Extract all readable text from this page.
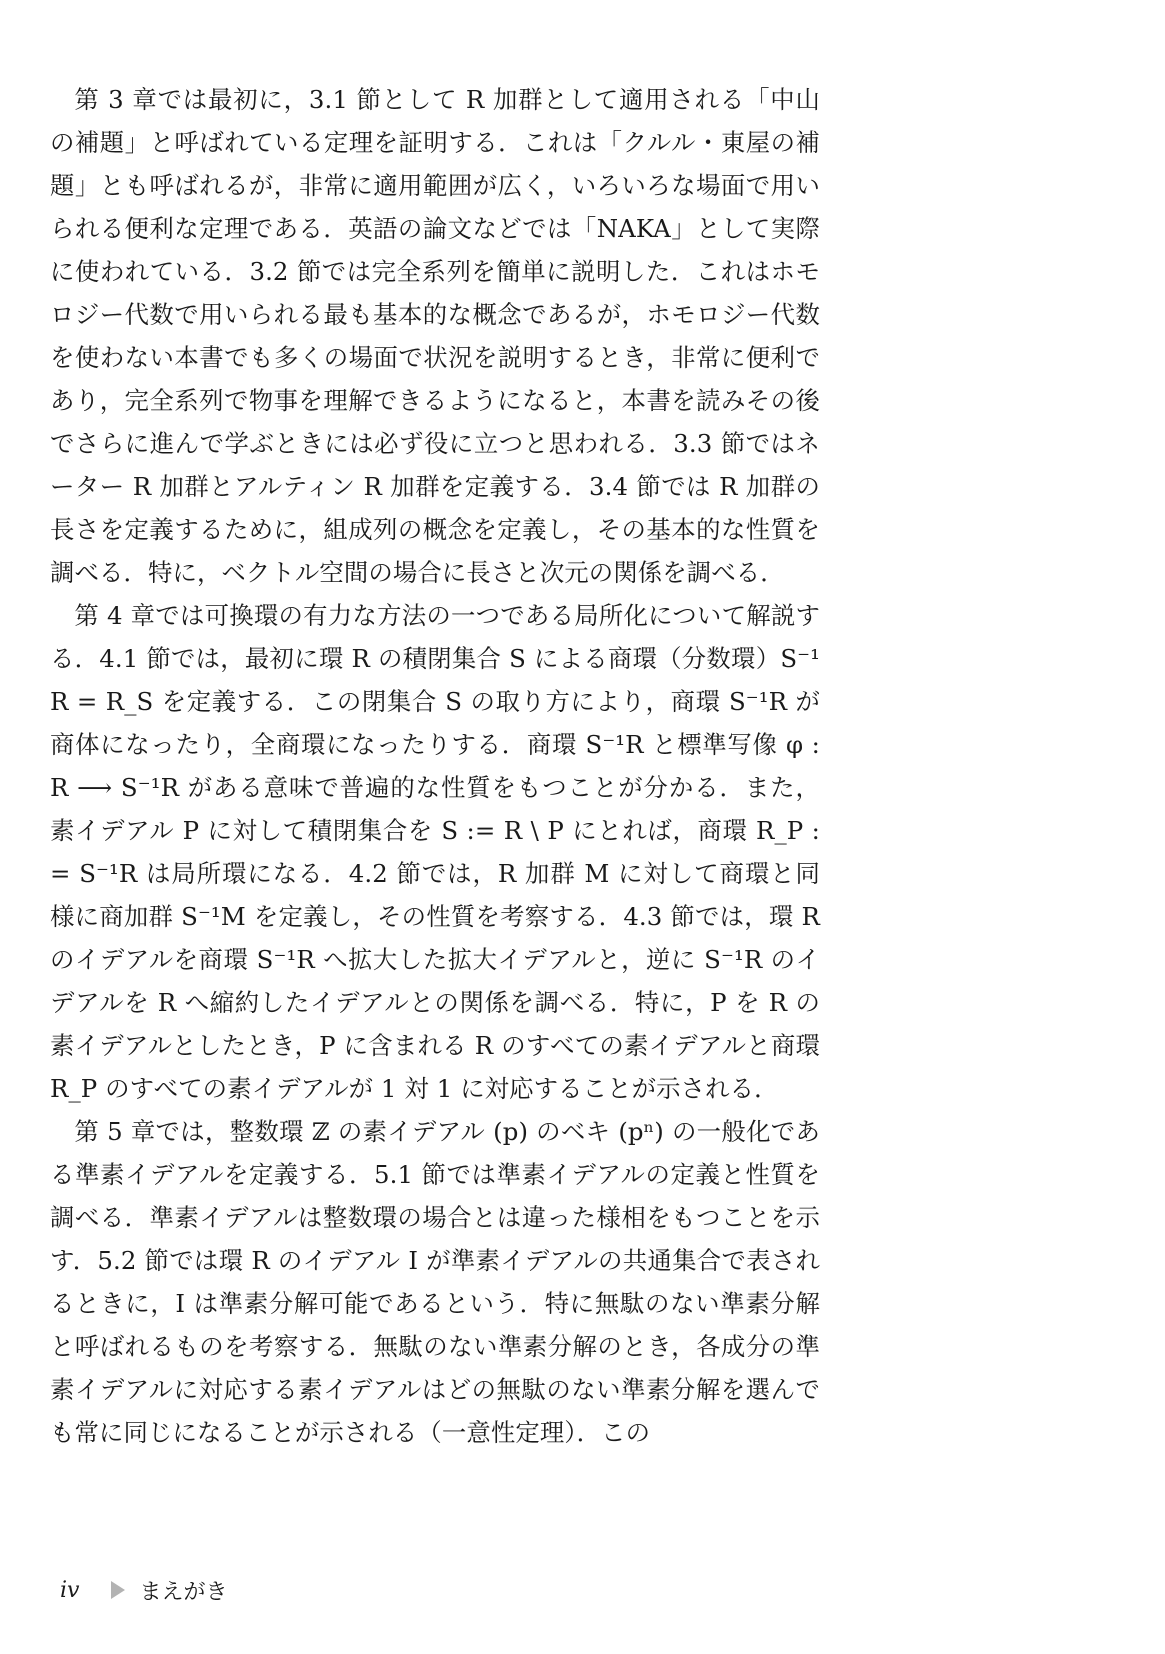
第 3 章では最初に，3.1 節として R 加群として適用される「中山の補題」と呼ばれている定理を証明する．これは「クルル・東屋の補題」とも呼ばれるが，非常に適用範囲が広く，いろいろな場面で用いられる便利な定理である．英語の論文などでは「NAKA」として実際に使われている．3.2 節では完全系列を簡単に説明した．これはホモロジー代数で用いられる最も基本的な概念であるが，ホモロジー代数を使わない本書でも多くの場面で状況を説明するとき，非常に便利であり，完全系列で物事を理解できるようになると，本書を読みその後でさらに進んで学ぶときには必ず役に立つと思われる．3.3 節ではネーター R 加群とアルティン R 加群を定義する．3.4 節では R 加群の長さを定義するために，組成列の概念を定義し，その基本的な性質を調べる．特に，ベクトル空間の場合に長さと次元の関係を調べる．

第 4 章では可換環の有力な方法の一つである局所化について解説する．4.1 節では，最初に環 R の積閉集合 S による商環（分数環）S⁻¹R = R_S を定義する．この閉集合 S の取り方により，商環 S⁻¹R が商体になったり，全商環になったりする．商環 S⁻¹R と標準写像 φ : R ⟶ S⁻¹R がある意味で普遍的な性質をもつことが分かる．また，素イデアル P に対して積閉集合を S := R \ P にとれば，商環 R_P := S⁻¹R は局所環になる．4.2 節では，R 加群 M に対して商環と同様に商加群 S⁻¹M を定義し，その性質を考察する．4.3 節では，環 R のイデアルを商環 S⁻¹R へ拡大した拡大イデアルと，逆に S⁻¹R のイデアルを R へ縮約したイデアルとの関係を調べる．特に，P を R の素イデアルとしたとき，P に含まれる R のすべての素イデアルと商環 R_P のすべての素イデアルが 1 対 1 に対応することが示される．

第 5 章では，整数環 ℤ の素イデアル (p) のベキ (pⁿ) の一般化である準素イデアルを定義する．5.1 節では準素イデアルの定義と性質を調べる．準素イデアルは整数環の場合とは違った様相をもつことを示す．5.2 節では環 R のイデアル I が準素イデアルの共通集合で表されるときに，I は準素分解可能であるという．特に無駄のない準素分解と呼ばれるものを考察する．無駄のない準素分解のとき，各成分の準素イデアルに対応する素イデアルはどの無駄のない準素分解を選んでも常に同じになることが示される（一意性定理）．この

iv	まえがき
